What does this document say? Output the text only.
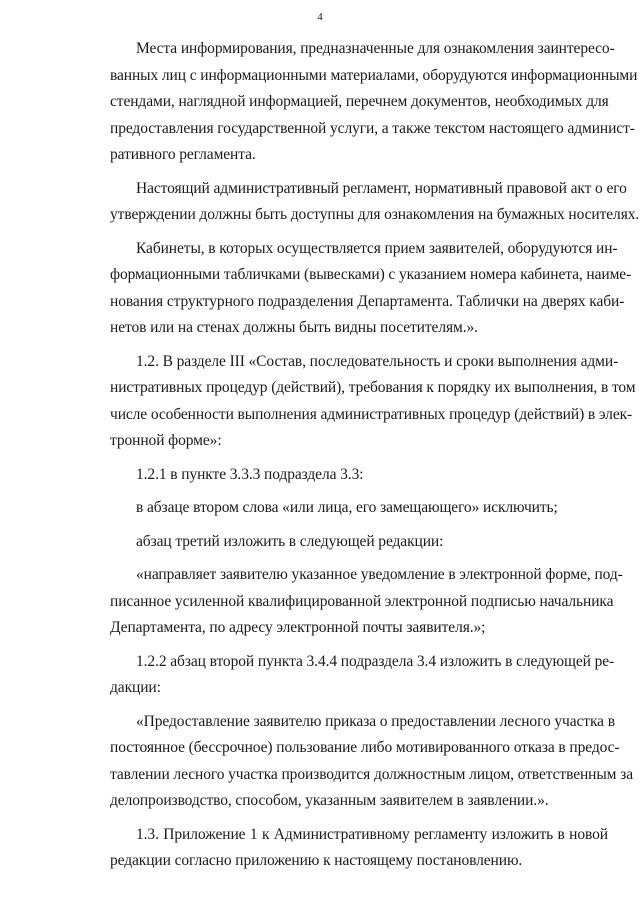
4
Места информирования, предназначенные для ознакомления заинтересо-
ванных лиц с информационными материалами, оборудуются информационными
стендами, наглядной информацией, перечнем документов, необходимых для
предоставления государственной услуги, а также текстом настоящего админист-
ративного регламента.
Настоящий административный регламент, нормативный правовой акт о его
утверждении должны быть доступны для ознакомления на бумажных носителях.
Кабинеты, в которых осуществляется прием заявителей, оборудуются ин-
формационными табличками (вывесками) с указанием номера кабинета, наиме-
нования структурного подразделения Департамента. Таблички на дверях каби-
нетов или на стенах должны быть видны посетителям.».
1.2. В разделе III «Состав, последовательность и сроки выполнения адми-
нистративных процедур (действий), требования к порядку их выполнения, в том
числе особенности выполнения административных процедур (действий) в элек-
тронной форме»:
1.2.1 в пункте 3.3.3 подраздела 3.3:
в абзаце втором слова «или лица, его замещающего» исключить;
абзац третий изложить в следующей редакции:
«направляет заявителю указанное уведомление в электронной форме, под-
писанное усиленной квалифицированной электронной подписью начальника
Департамента, по адресу электронной почты заявителя.»;
1.2.2 абзац второй пункта 3.4.4 подраздела 3.4 изложить в следующей ре-
дакции:
«Предоставление заявителю приказа о предоставлении лесного участка в
постоянное (бессрочное) пользование либо мотивированного отказа в предос-
тавлении лесного участка производится должностным лицом, ответственным за
делопроизводство, способом, указанным заявителем в заявлении.».
1.3. Приложение 1 к Административному регламенту изложить в новой
редакции согласно приложению к настоящему постановлению.
